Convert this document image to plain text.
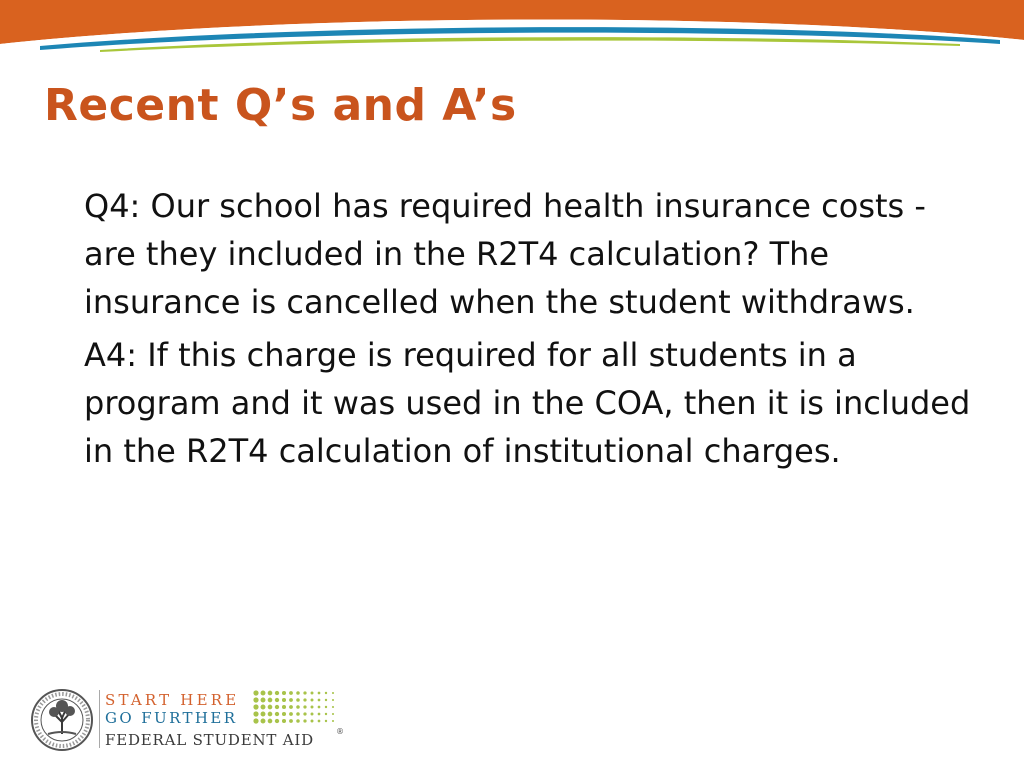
Recent Q’s and A’s

Q4: Our school has required health insurance costs - are they included in the R2T4 calculation? The insurance is cancelled when the student withdraws.

A4: If this charge is required for all students in a program and it was used in the COA, then it is included in the R2T4 calculation of institutional charges.

START HERE
GO FURTHER
FEDERAL STUDENT AID	®
